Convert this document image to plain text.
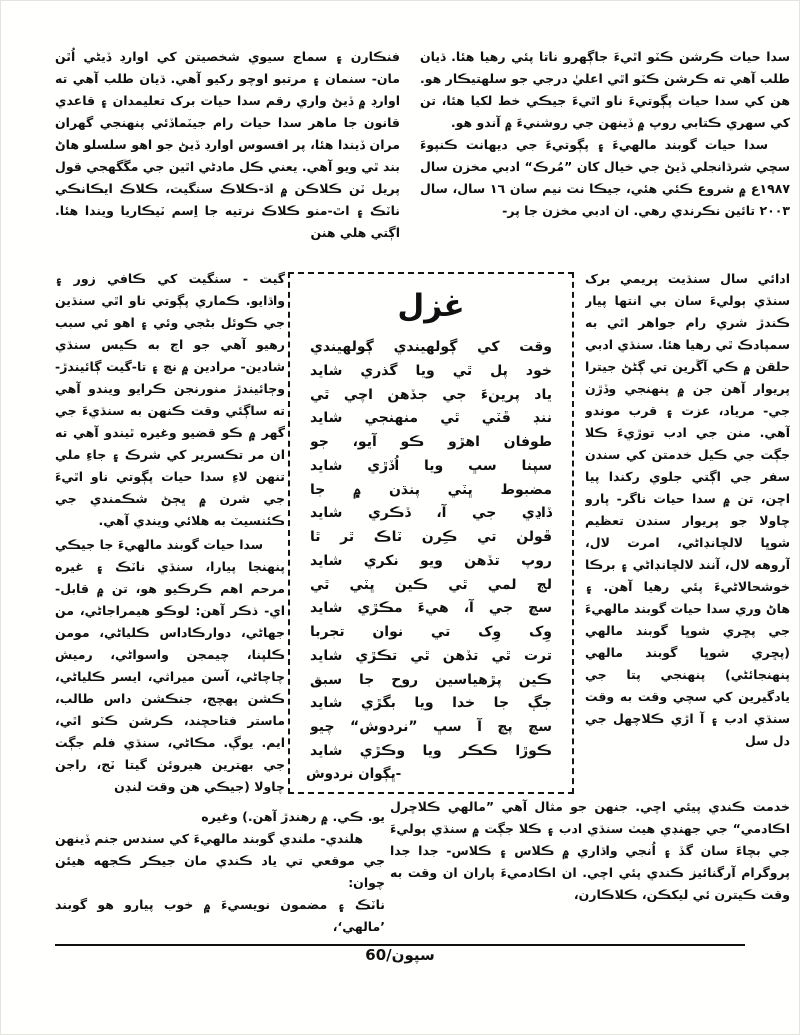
سدا حيات ڪرشن ڪٽو اٿيءَ جاڳهرو ناتا پئي رهيا هئا. ڌيان طلب آهي ته ڪرشن ڪٽو اٿي اعليٰ درجي جو سلهتيڪار هو. هن کي سدا حيات پڳوتيءَ ناو اٿيءَ جيڪي خط لکيا هئا، تن کي سهري ڪتابي روپ ۾ ڏينهن جي روشنيءَ ۾ آندو هو.

سدا حيات گوبند مالهيءَ ۽ پڳوتيءَ جي ديهانت ڪنپوءَ سچي شرڌانجلي ڏيڻ جي خيال کان ”مُرڪ“ ادبي مخزن سال ١٩٨٧ع ۾ شروع ڪئي هئي، جيڪا نت نيم سان ١٦ سال، سال ٢٠٠٣ تائين نڪرندي رهي. ان ادبي مخزن جا پر-

فنڪارن ۽ سماج سيوي شخصيتن کي اوارڊ ڏيڻي اُٿن مان- سنمان ۽ مرتبو اوچو رکيو آهي. ڌيان طلب آهي ته اوارڊ ۾ ڏيڻ واري رقم سدا حيات برک تعليمدان ۽ قاعدي قانون جا ماهر سدا حيات رام جيٽماڏئي پنهنجي گهران مران ڏيندا هئا، پر افسوس اوارڊ ڏيڻ جو اهو سلسلو هاڻ بند ٿي ويو آهي. يعني ڪل مادڻي اٿين جي مڱگهجي قول پريل ٽن ڪلاڪن ۾ اڌ-ڪلاڪ سنگيت، ڪلاڪ ايڪانڪي ناٽڪ ۽ اٿ-منو ڪلاڪ نرتيه جا اِسم ٽيڪاريا ويندا هئا. اڳتي هلي هنن

غزل
وقت کي ڳولهيندي ڳولهيندي
خود پل ٿي ويا گذري شايد
ياد پرينءَ جي جڏهن اچي ٿي
ننڊ ڦٽي ٿي منهنجي شايد
طوفان اهڙو ڪو آيو، جو
سپنا سڀ ويا اُڏڙي شايد
مضبوط ڀٽي پنڌن ۾ جا
ڏاڍي جي آ، ڏڪري شايد
ڦولن تي ڪِرن ٽاڪ ٿر ٿا
روپ تڏهن ويو نکري شايد
لڄ لمي ٿي ڪين ڀٽي ٿي
سچ جي آ، هيءَ مڪڙي شايد
وِک وِک تي نوان تجربا
ترت ٿي تڏهن ٿي تڪڙي شايد
ڪين پڙهياسين روح جا سبق
جڳ جا خدا ويا بگڙي شايد
سچ پچ آ سڀ ”نردوش“ چيو
ڪوڙا ڪڪر ويا وڪڙي شايد
-ڀڳوان نردوش

ادائي سال سنڌيت پريمي برک سنڌي ٻوليءَ سان بي انتها پيار ڪندڙ شري رام جواهر اٿي به سمپادڪ ٿي رهيا هئا. سنڌي ادبي حلقن ۾ ڪي آڱرين تي ڳڻڻ جيترا پريوار آهن جن ۾ پنهنجي وڏڙن جي- مرياد، عزت ۽ قرب موندو آهي. منن جي ادب توڙيءَ ڪلا جڳت جي ڪيل خدمتن کي سندن سفر جي اڳتي جلوي رکندا پيا اچن، تن ۾ سدا حيات ناگر- پارو چاولا جو پريوار سندن تعظيم شوڀا لالچانڊاڻي، امرت لال، آروهه لال، آنند لالچانڊاڻي ۽ برڪا خوشحالاڻيءَ پئي رهيا آهن. ۽ هاڻ وري سدا حيات گوبند مالهيءَ جي پڇري شوڀا گوبند مالهي (پڇري شوڀا گوبند مالهي پنهنجائڻي) پنهنجي پتا جي يادگيرين کي سچي وقت به وقت سنڌي ادب ۽ آ اڙي ڪلاچهل جي دل سل

گيت - سنگيت کي ڪافي زور ۽ واڌايو. ڪماري پڳوتي ناو اٿي سنڌين جي ڪوئل بڻجي وئي ۽ اهو ئي سبب رهيو آهي جو اڄ به ڪيس سنڌي شادين- مرادين ۾ نچ ۽ تا-گيت ڳائيندڙ- وڄائيندڙ منورنجن ڪرايو ويندو آهي ته ساڳئي وقت ڪنهن به سنڌيءَ جي گهر ۾ ڪو قضيو وغيره ٿيندو آهي ته ان مر تڪسرير کي شرڪ ۽ جاءِ ملي تنهن لاءِ سدا حيات پڳوتي ناو اٿيءَ جي شرن ۾ ڀڄڻ شڪمندي جي ڪئنسيٽ به هلائي ويندي آهي.

سدا حيات گوبند مالهيءَ جا جيڪي پنهنجا پيارا، سنڌي ناٽڪ ۽ غيره مرحم اهم ڪرڪيو هو، تن ۾ قابل- اي- ذڪر آهن: لوڪو هيمراجاڻي، من جهاڻي، دوارڪاداس ڪلياڻي، مومن ڪلپنا، چيمجن واسواڻي، رميش چاچاڻي، آسن ميراثي، ايسر ڪلياڻي، ڪشن پهچج، جنڪشن داس طالب، ماستر فتاحچند، ڪرشن ڪٽو اٿي، ايم. يوڳ. مڪاڻي، سنڌي فلم جڳت جي بهترين هيروئن گيتا ٽج، راجن چاولا (جيڪي هن وقت لنڊن

خدمت ڪندي پيئي اچي. جنهن جو مثال آهي ”مالهي ڪلاچرل اڪادمي“ جي جهنڊي هيٺ سنڌي ادب ۽ ڪلا جڳت ۾ سنڌي ٻوليءَ جي بچاءَ سان گڏ ۽ اُنجي واڌاري ۾ ڪلاس ۽ ڪلاس- جدا جدا پروگرام آرگنائيز ڪندي پئي اچي. ان اڪادميءَ پاران ان وقت به وقت ڪيترن ئي ليکڪن، ڪلاڪارن،

يو. ڪي. ۾ رهندڙ آهن.) وغيره

هلندي- ملندي گوبند مالهيءَ کي سندس جنم ڏينهن جي موقعي تي ياد ڪندي مان جيڪر ڪجهه هيئن چوان:

ناٽڪ ۽ مضمون نويسيءَ ۾ خوب پيارو هو گوبند ’مالهي‘،

سپون/60
